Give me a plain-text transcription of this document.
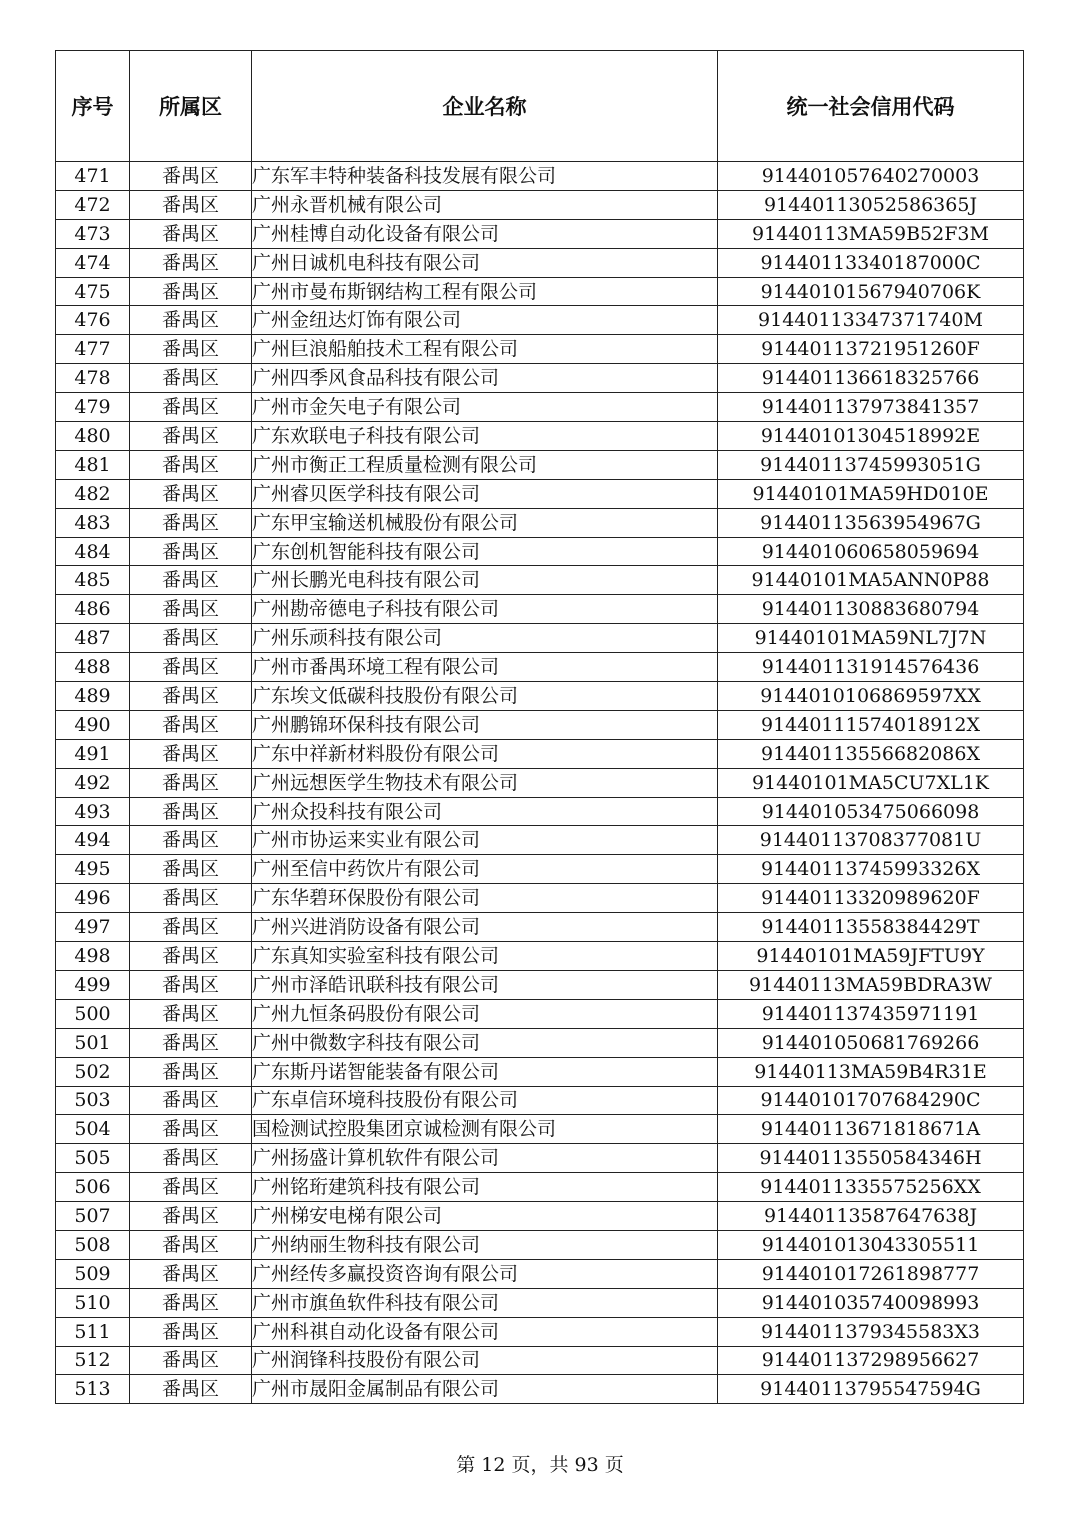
序号	所属区	企业名称	统一社会信用代码
471	番禺区	广东军丰特种装备科技发展有限公司	914401057640270003
472	番禺区	广州永晋机械有限公司	91440113052586365J
473	番禺区	广州桂博自动化设备有限公司	91440113MA59B52F3M
474	番禺区	广州日诚机电科技有限公司	91440113340187000C
475	番禺区	广州市曼布斯钢结构工程有限公司	91440101567940706K
476	番禺区	广州金纽达灯饰有限公司	91440113347371740M
477	番禺区	广州巨浪船舶技术工程有限公司	91440113721951260F
478	番禺区	广州四季风食品科技有限公司	914401136618325766
479	番禺区	广州市金矢电子有限公司	914401137973841357
480	番禺区	广东欢联电子科技有限公司	91440101304518992E
481	番禺区	广州市衡正工程质量检测有限公司	91440113745993051G
482	番禺区	广州睿贝医学科技有限公司	91440101MA59HD010E
483	番禺区	广东甲宝输送机械股份有限公司	91440113563954967G
484	番禺区	广东创机智能科技有限公司	914401060658059694
485	番禺区	广州长鹏光电科技有限公司	91440101MA5ANN0P88
486	番禺区	广州勘帝德电子科技有限公司	914401130883680794
487	番禺区	广州乐顽科技有限公司	91440101MA59NL7J7N
488	番禺区	广州市番禺环境工程有限公司	914401131914576436
489	番禺区	广东埃文低碳科技股份有限公司	9144010106869597XX
490	番禺区	广州鹏锦环保科技有限公司	91440111574018912X
491	番禺区	广东中祥新材料股份有限公司	91440113556682086X
492	番禺区	广州远想医学生物技术有限公司	91440101MA5CU7XL1K
493	番禺区	广州众投科技有限公司	914401053475066098
494	番禺区	广州市协运来实业有限公司	91440113708377081U
495	番禺区	广州至信中药饮片有限公司	91440113745993326X
496	番禺区	广东华碧环保股份有限公司	91440113320989620F
497	番禺区	广州兴进消防设备有限公司	91440113558384429T
498	番禺区	广东真知实验室科技有限公司	91440101MA59JFTU9Y
499	番禺区	广州市泽皓讯联科技有限公司	91440113MA59BDRA3W
500	番禺区	广州九恒条码股份有限公司	914401137435971191
501	番禺区	广州中微数字科技有限公司	914401050681769266
502	番禺区	广东斯丹诺智能装备有限公司	91440113MA59B4R31E
503	番禺区	广东卓信环境科技股份有限公司	91440101707684290C
504	番禺区	国检测试控股集团京诚检测有限公司	91440113671818671A
505	番禺区	广州扬盛计算机软件有限公司	91440113550584346H
506	番禺区	广州铭珩建筑科技有限公司	9144011335575256XX
507	番禺区	广州梯安电梯有限公司	91440113587647638J
508	番禺区	广州纳丽生物科技有限公司	914401013043305511
509	番禺区	广州经传多赢投资咨询有限公司	914401017261898777
510	番禺区	广州市旗鱼软件科技有限公司	914401035740098993
511	番禺区	广州科祺自动化设备有限公司	9144011379345583X3
512	番禺区	广州润锋科技股份有限公司	914401137298956627
513	番禺区	广州市晟阳金属制品有限公司	91440113795547594G
第 12 页，共 93 页
